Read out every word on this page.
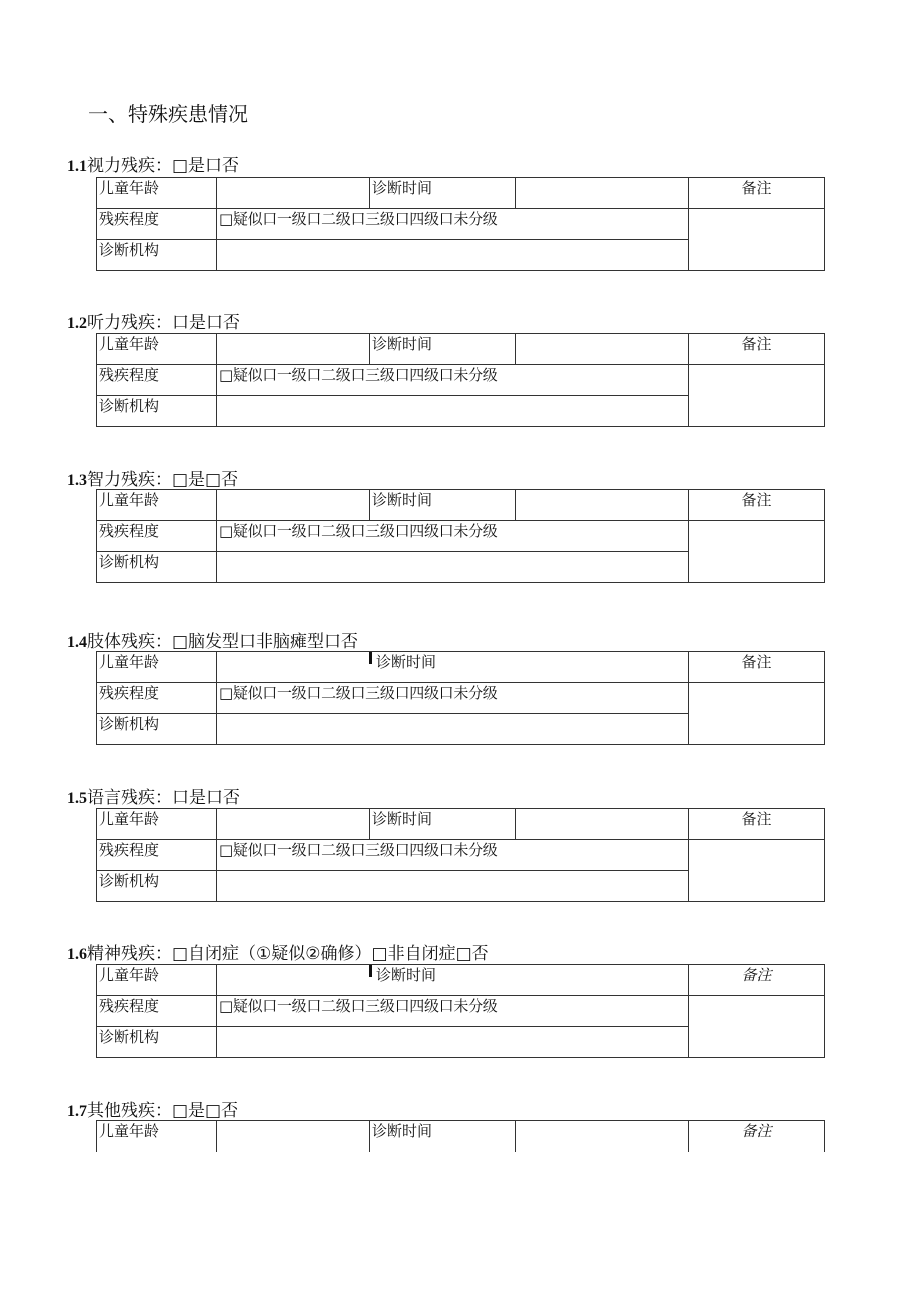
一、特殊疾患情况
1.1视力残疾：□是口否
儿童年龄		诊断时间		备注
残疾程度	□疑似口一级口二级口三级口四级口未分级			
诊断机构				
1.2听力残疾：口是口否
儿童年龄		诊断时间		备注
残疾程度	□疑似口一级口二级口三级口四级口未分级			
诊断机构				
1.3智力残疾：□是□否
儿童年龄		诊断时间		备注
残疾程度	□疑似口一级口二级口三级口四级口未分级			
诊断机构				
1.4肢体残疾：□脑发型口非脑瘫型口否
儿童年龄	诊断时间	备注
残疾程度	□疑似口一级口二级口三级口四级口未分级	
诊断机构		
1.5语言残疾：口是口否
儿童年龄		诊断时间		备注
残疾程度	□疑似口一级口二级口三级口四级口未分级			
诊断机构				
1.6精神残疾：□自闭症（①疑似②确修）□非自闭症□否
儿童年龄	诊断时间	备注
残疾程度	□疑似口一级口二级口三级口四级口未分级	
诊断机构		
1.7其他残疾：□是□否
儿童年龄		诊断时间		备注
